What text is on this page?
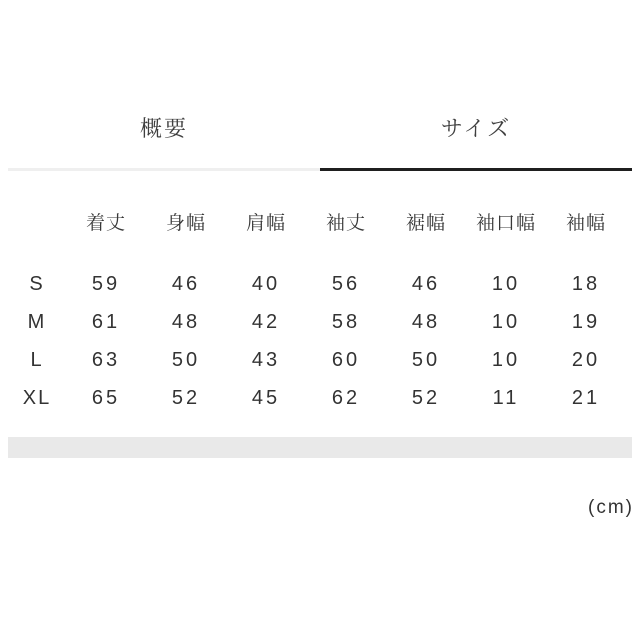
概要	サイズ
	着丈	身幅	肩幅	袖丈	裾幅	袖口幅	袖幅
S	59	46	40	56	46	10	18
M	61	48	42	58	48	10	19
L	63	50	43	60	50	10	20
XL	65	52	45	62	52	11	21
(cm)
